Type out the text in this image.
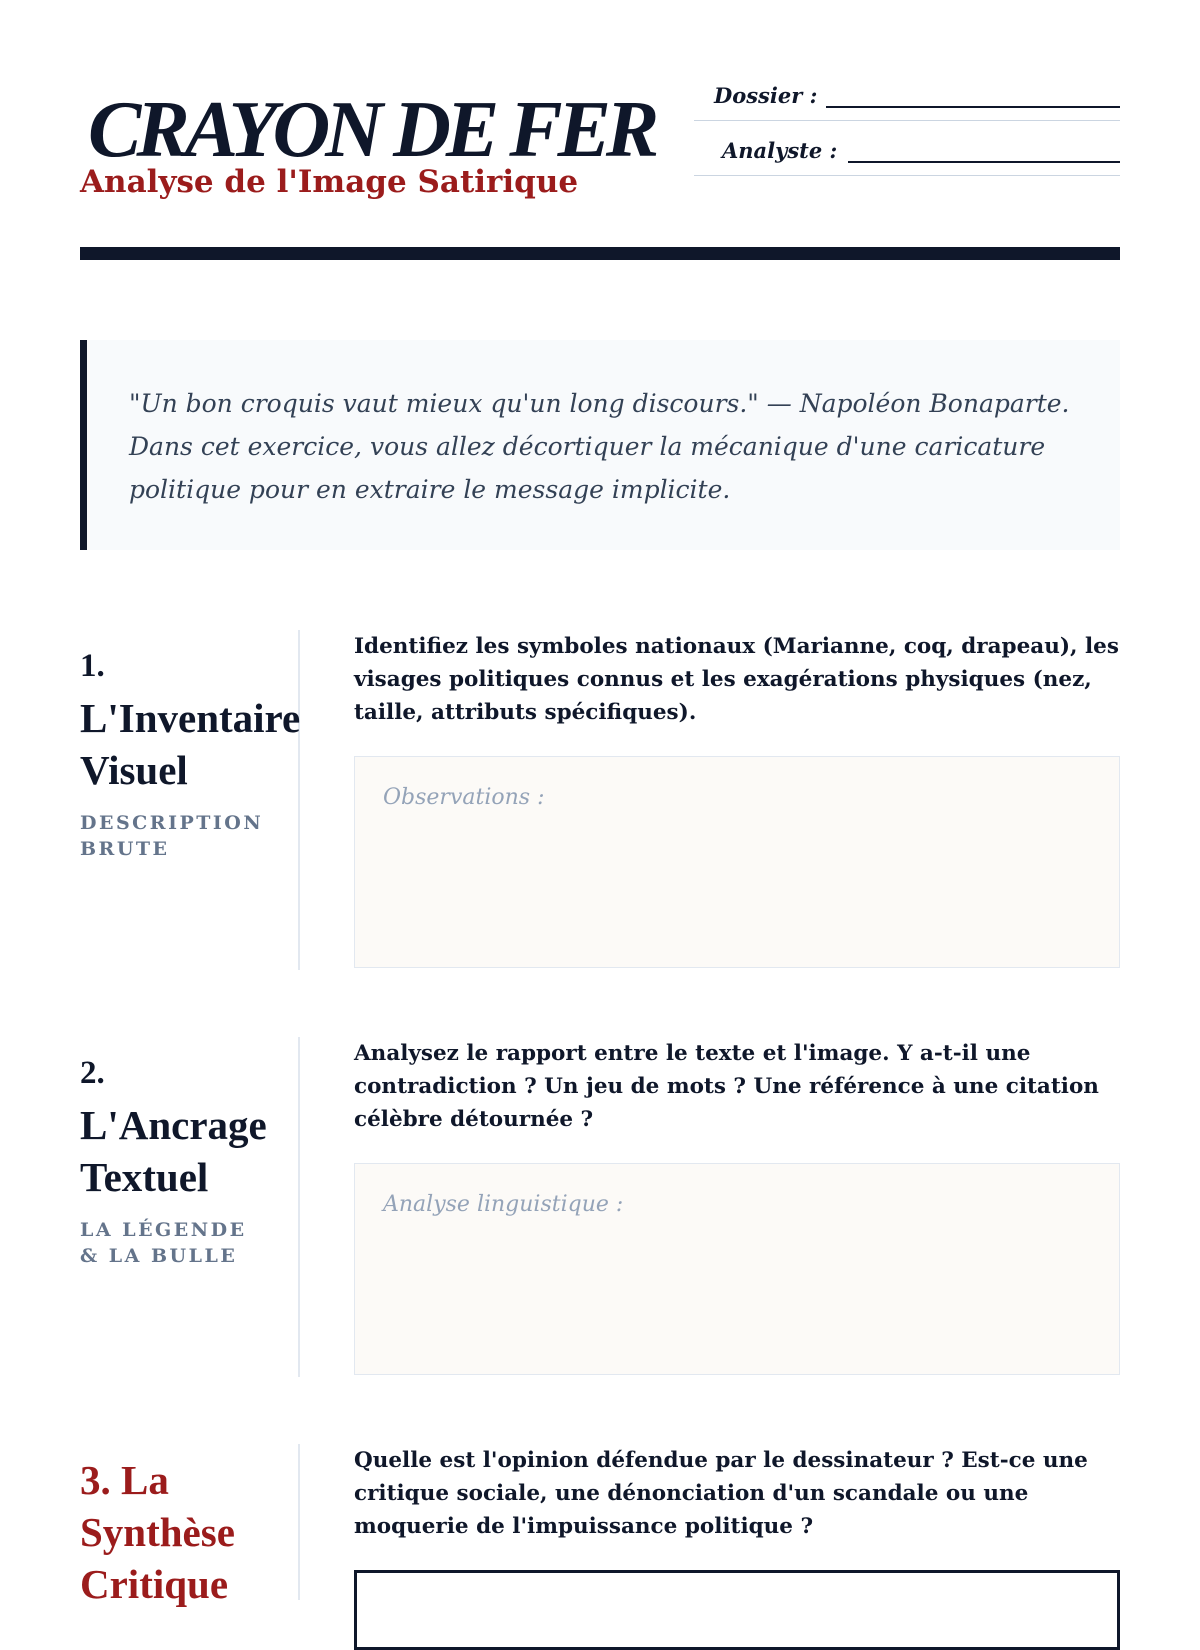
CRAYON DE FER
Analyse de l'Image Satirique
Dossier :
Analyste :

"Un bon croquis vaut mieux qu'un long discours." — Napoléon Bonaparte. Dans cet exercice, vous allez décortiquer la mécanique d'une caricature politique pour en extraire le message implicite.

1.
L'Inventaire Visuel

DESCRIPTION BRUTE

Identifiez les symboles nationaux (Marianne, coq, drapeau), les visages politiques connus et les exagérations physiques (nez, taille, attributs spécifiques).

Observations :
2.
L'Ancrage Textuel

LA LÉGENDE & LA BULLE

Analysez le rapport entre le texte et l'image. Y a-t-il une contradiction ? Un jeu de mots ? Une référence à une citation célèbre détournée ?

Analyse linguistique :
3. La Synthèse Critique

Quelle est l'opinion défendue par le dessinateur ? Est-ce une critique sociale, une dénonciation d'un scandale ou une moquerie de l'impuissance politique ?
